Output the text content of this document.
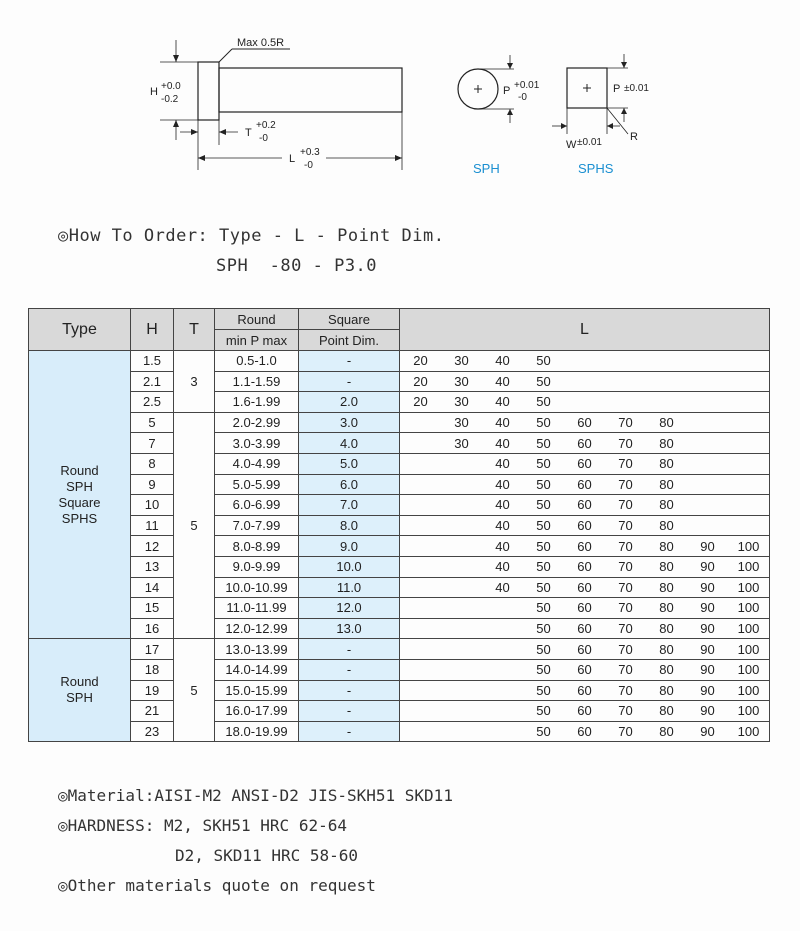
Max 0.5R
H +0.0
-0.2
T
+0.2
-0
L
+0.3
-0
P +0.01
-0
SPH
P ±0.01
W ±0.01	R
SPHS
◎How To Order: Type - L - Point Dim.
SPH  -80 - P3.0
Type	H	T	Round	Square	L								
			min P max	Point Dim.									

Round
SPH
Square
SPHS	1.5	3	0.5-1.0	-	20	30	40	50					
	2.1		1.1-1.59	-	20	30	40	50					
	2.5		1.6-1.99	2.0	20	30	40	50					
	5	5	2.0-2.99	3.0		30	40	50	60	70	80		
	7		3.0-3.99	4.0		30	40	50	60	70	80		
	8		4.0-4.99	5.0			40	50	60	70	80		
	9		5.0-5.99	6.0			40	50	60	70	80		
	10		6.0-6.99	7.0			40	50	60	70	80		
	11		7.0-7.99	8.0			40	50	60	70	80		
	12		8.0-8.99	9.0			40	50	60	70	80	90	100
	13		9.0-9.99	10.0			40	50	60	70	80	90	100
	14		10.0-10.99	11.0			40	50	60	70	80	90	100
	15		11.0-11.99	12.0				50	60	70	80	90	100
	16		12.0-12.99	13.0				50	60	70	80	90	100

Round
SPH	17	5	13.0-13.99	-				50	60	70	80	90	100
	18		14.0-14.99	-				50	60	70	80	90	100
	19		15.0-15.99	-				50	60	70	80	90	100
	21		16.0-17.99	-				50	60	70	80	90	100
	23		18.0-19.99	-				50	60	70	80	90	100
◎Material:AISI-M2 ANSI-D2 JIS-SKH51 SKD11
◎HARDNESS: M2, SKH51 HRC 62-64
D2, SKD11 HRC 58-60
◎Other materials quote on request
